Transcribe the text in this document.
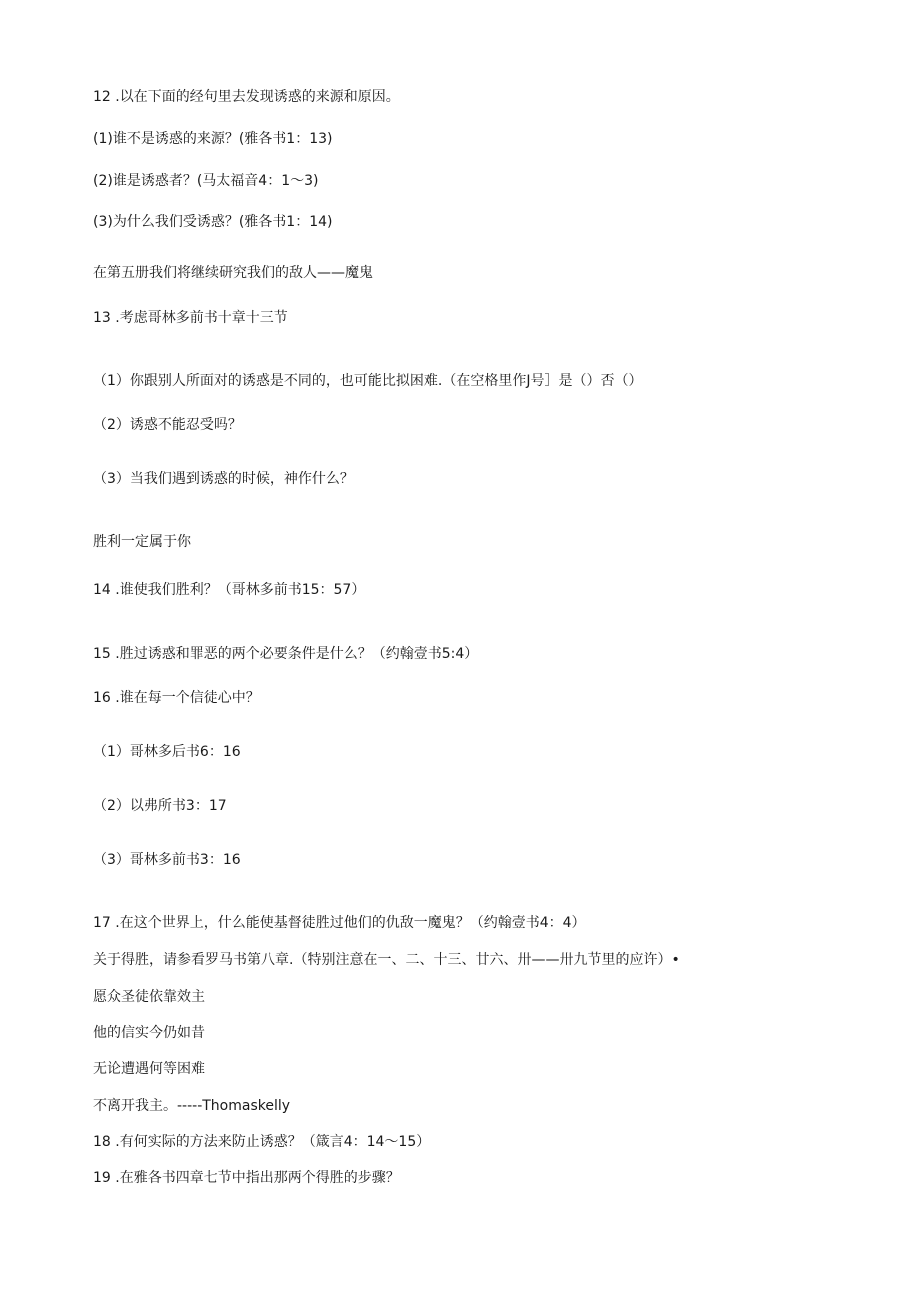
12 .以在下面的经句里去发现诱惑的来源和原因。
(1)谁不是诱惑的来源？(雅各书1：13)
(2)谁是诱惑者？(马太福音4：1～3)
(3)为什么我们受诱惑？(雅各书1：14)
在第五册我们将继续研究我们的敌人——魔鬼
13 .考虑哥林多前书十章十三节
（1）你跟别人所面对的诱惑是不同的，也可能比拟困难.（在空格里作J号］是（）否（）
（2）诱惑不能忍受吗？
（3）当我们遇到诱惑的时候，神作什么？
胜利一定属于你
14 .谁使我们胜利？（哥林多前书15：57）
15 .胜过诱惑和罪恶的两个必要条件是什么？（约翰壹书5:4）
16 .谁在每一个信徒心中？
（1）哥林多后书6：16
（2）以弗所书3：17
（3）哥林多前书3：16
17 .在这个世界上，什么能使基督徒胜过他们的仇敌一魔鬼？（约翰壹书4：4）
关于得胜，请参看罗马书第八章.（特别注意在一、二、十三、廿六、卅——卅九节里的应许）•
愿众圣徒依靠效主
他的信实今仍如昔
无论遭遇何等困难
不离开我主。-----Thomaskelly
18 .有何实际的方法来防止诱惑？（箴言4：14～15）
19 .在雅各书四章七节中指出那两个得胜的步骤？
